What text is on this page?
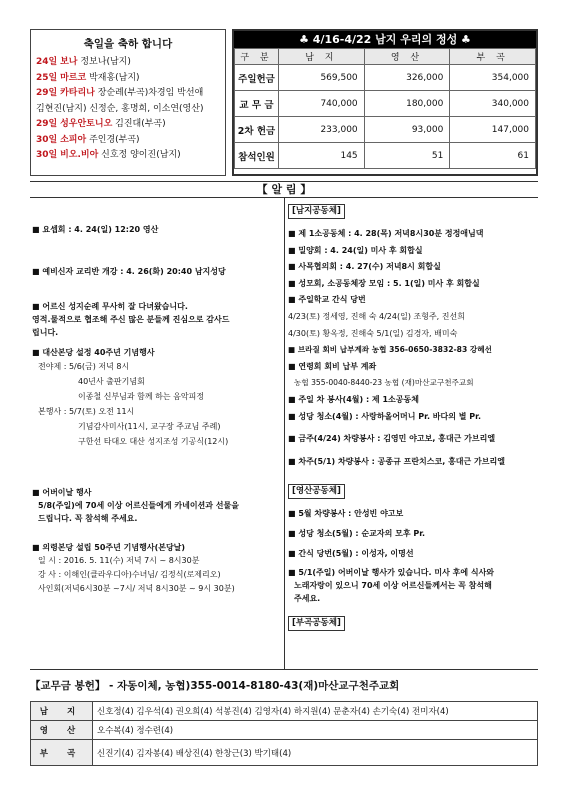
축일을 축하 합니다
24일 보나 정보나(남지)
25일 마르코 박재홍(남지)
29일 카타리나 장순례(부곡)차경임 박선애
김현진(남지) 신정순, 홍명희, 이소연(영산)
29일 성우안토니오 김진대(부곡)
30일 소피아 주인경(부곡)
30일 비오.비아 신호정 양이진(남지)
♣ 4/16-4/22 남지 우리의 정성 ♣
구 분	남 지	영 산	부 곡
주일헌금	569,500	326,000	354,000
교 무 금	740,000	180,000	340,000
2차 헌금	233,000	93,000	147,000
참석인원	145	51	61
【 알 림 】
■ 요셉회 : 4. 24(일) 12:20 영산
■ 예비신자 교리반 개강 : 4. 26(화) 20:40 남지성당
■ 어르신 성지순례 무사히 잘 다녀왔습니다.
영적.물적으로 협조해 주신 많은 분들께 진심으로 감사드
립니다.
■ 대산본당 설정 40주년 기념행사
전야제 : 5/6(금) 저녁 8시
40년사 출판기념회
이종철 신부님과 함께 하는 음악피정
본행사 : 5/7(토) 오전 11시
기념감사미사(11시, 교구장 주교님 주례)
구한선 타대오 대산 성지조성 기공식(12시)
■ 어버이날 행사
5/8(주일)에 70세 이상 어르신들에게 카네이션과 선물을
드립니다. 꼭 참석해 주세요.
■ 의령본당 설립 50주년 기념행사(본당날)
일 시 : 2016. 5. 11(수) 저녁 7시 ~ 8시30분
강 사 : 이해인(클라우디아)수녀님/ 김정식(로제리오)
사인회(저녁6시30분 ~7시/ 저녁 8시30분 ~ 9시 30분)
[남지공동체]
■ 제 1소공동체 : 4. 28(목) 저녁8시30분 정정애님댁
■ 밀양회 : 4. 24(일) 미사 후 회합실
■ 사목협의회 : 4. 27(수) 저녁8시 회합실
■ 성모회, 소공동체장 모임 : 5. 1(일) 미사 후 회합실
■ 주일학교 간식 당번
4/23(토) 정세영, 진해 숙 4/24(일) 조형주, 진선희
4/30(토) 황옥정, 진해숙 5/1(일) 김경자, 배미숙
■ 브라질 회비 납부계좌 농협 356-0650-3832-83 강혜선
■ 연령회 회비 납부 계좌
농협 355-0040-8440-23 농협 (재)마산교구천주교회
■ 주일 차 봉사(4월) : 제 1소공동체
■ 성당 청소(4월) : 사랑하올어머니 Pr. 바다의 별 Pr.
■ 금주(4/24) 차량봉사 : 김영민 야고보, 홍대근 가브리엘
■ 차주(5/1) 차량봉사 : 공종규 프란치스코, 홍대근 가브리엘
[영산공동체]
■ 5월 차량봉사 : 안성빈 야고보
■ 성당 청소(5월) : 순교자의 모후 Pr.
■ 간식 당번(5월) : 이성자, 이명선
■ 5/1(주일) 어버이날 행사가 있습니다. 미사 후에 식사와
노래자랑이 있으니 70세 이상 어르신들께서는 꼭 참석해
주세요.
[부곡공동체]
【교무금 봉헌】 - 자동이체, 농협)355-0014-8180-43(재)마산교구천주교회
남 지	신호정(4) 김우석(4) 권오희(4) 석봉진(4) 김영자(4) 하지원(4) 문춘자(4) 손기숙(4) 전미자(4)
영 산	오수복(4) 정수련(4)
부 곡	신진기(4) 김자봉(4) 배상진(4) 한창근(3) 박기태(4)
